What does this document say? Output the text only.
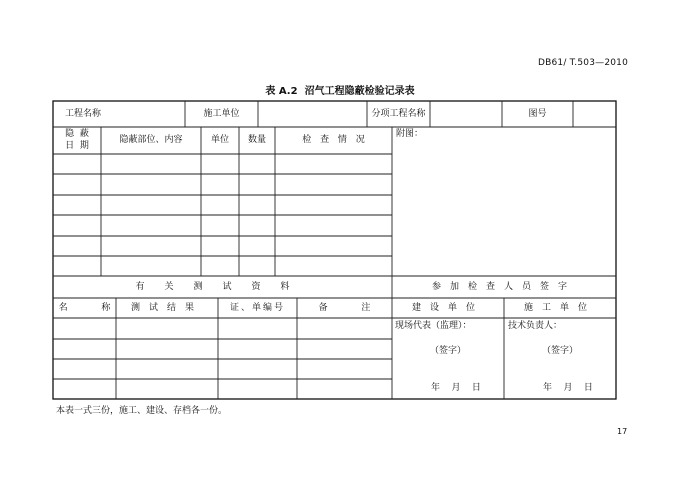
DB61/ T.503—2010
表 A.2 沼气工程隐蔽检验记录表
工程名称	施工单位	分项工程名称	图号
隐  蔽
日  期
隐蔽部位、内容	单位	数量	检 查 情 况
附图：
有关测试资料	参加检查人员签字
名  称	测试结果	证、单编号	备  注	建设单位	施工单位
现场代表（监理）：	技术负责人：
（签字）	（签字）
年    月    日	年    月    日
本表一式三份，施工、建设、存档各一份。
17
